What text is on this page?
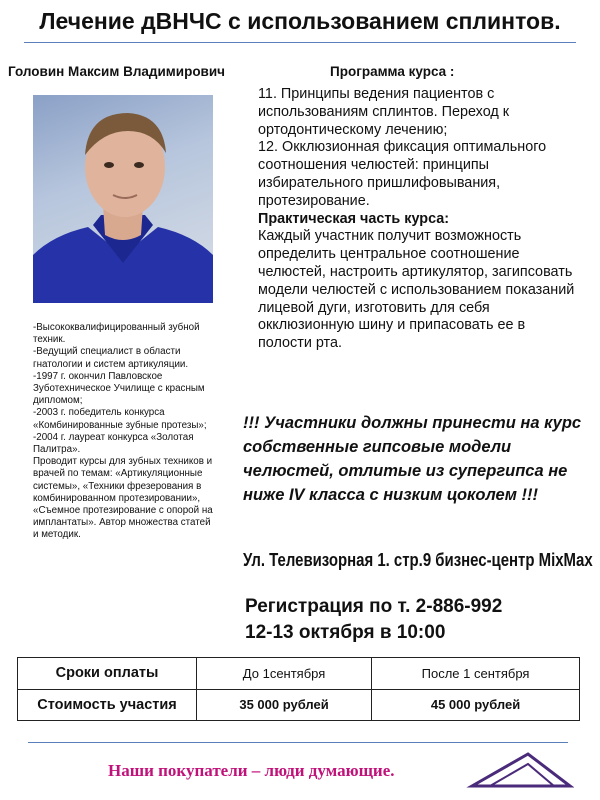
Лечение дВНЧС с использованием сплинтов.
Головин Максим Владимирович	Программа курса :
-Высококвалифицированный зубной техник.
-Ведущий специалист в области гнатологии и систем артикуляции.
-1997 г. окончил Павловское Зуботехническое Училище с красным дипломом;
-2003 г. победитель конкурса «Комбинированные зубные протезы»;
-2004 г. лауреат конкурса «Золотая Палитра».
Проводит курсы для зубных техников и врачей по темам: «Артикуляционные системы», «Техники фрезерования в комбинированном протезировании», «Съемное протезирование с опорой на имплантаты». Автор множества статей и методик.

11. Принципы ведения пациентов с использованиям сплинтов. Переход к ортодонтическому лечению;

12. Окклюзионная фиксация оптимального соотношения челюстей: принципы избирательного пришлифовывания, протезирование.

Практическая часть курса:

Каждый участник получит возможность определить центральное соотношение челюстей, настроить артикулятор, загипсовать модели челюстей с использованием показаний лицевой дуги, изготовить для себя окклюзионную шину и припасовать ее в полости рта.

!!! Участники должны принести на курс собственные гипсовые модели челюстей, отлитые из супергипса не ниже IV класса с низким цоколем !!!
Ул. Телевизорная 1. стр.9 бизнес-центр MixMax
Регистрация по т. 2-886-992
12-13 октября в 10:00
Сроки оплаты	До 1сентября	После 1 сентября
Стоимость участия	35 000 рублей	45 000 рублей
Наши покупатели – люди думающие.
